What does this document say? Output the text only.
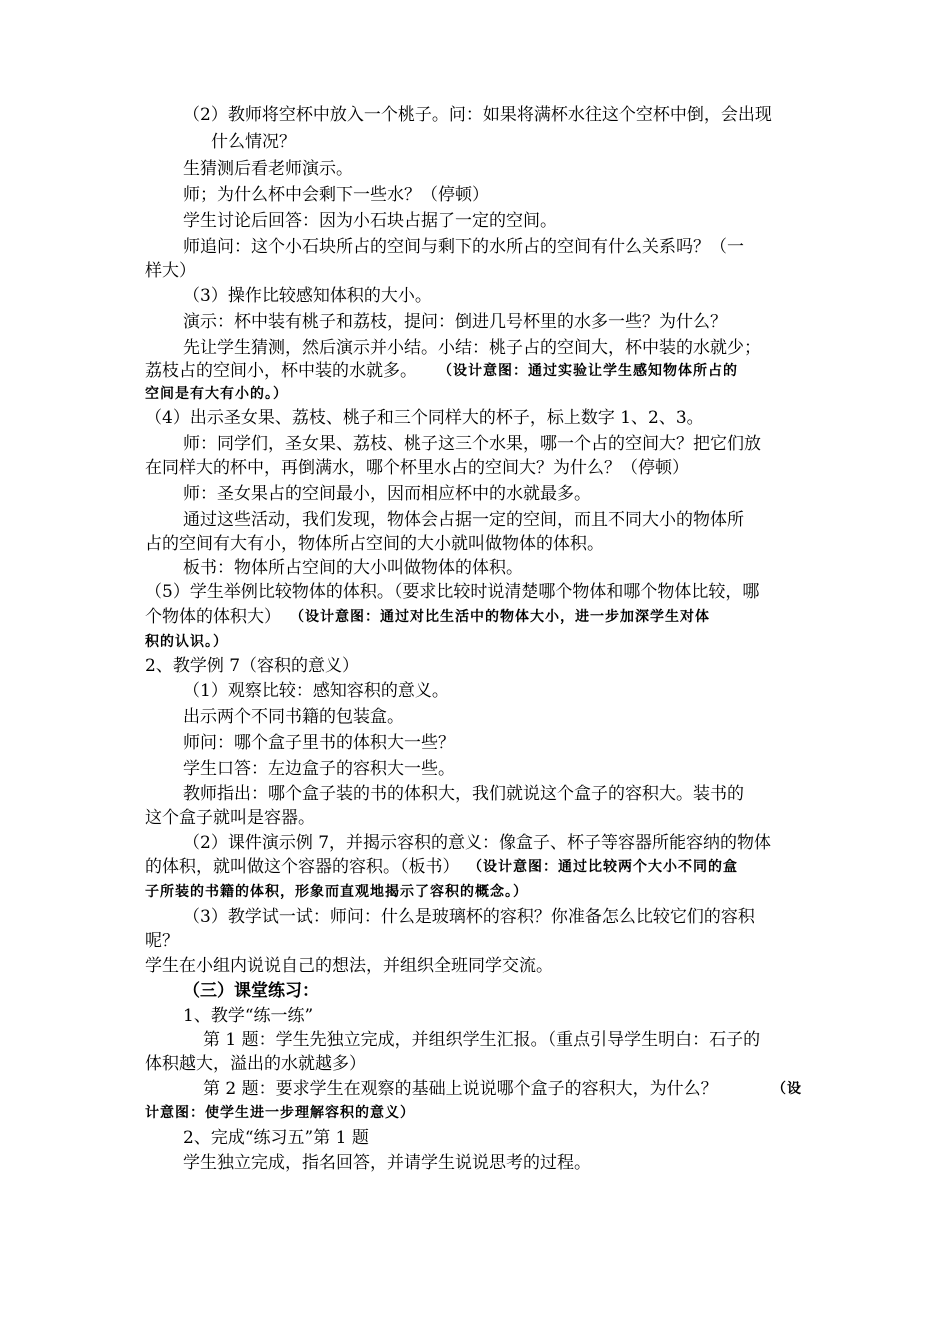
（2）教师将空杯中放入一个桃子。问：如果将满杯水往这个空杯中倒，会出现
什么情况？
生猜测后看老师演示。
师；为什么杯中会剩下一些水？（停顿）
学生讨论后回答：因为小石块占据了一定的空间。
师追问：这个小石块所占的空间与剩下的水所占的空间有什么关系吗？（一
样大）
（3）操作比较感知体积的大小。
演示：杯中装有桃子和荔枝，提问：倒进几号杯里的水多一些？为什么？
先让学生猜测，然后演示并小结。小结：桃子占的空间大，杯中装的水就少；
荔枝占的空间小，杯中装的水就多。 （设计意图：通过实验让学生感知物体所占的
空间是有大有小的。）
（4）出示圣女果、荔枝、桃子和三个同样大的杯子，标上数字 1、2、3。
师：同学们，圣女果、荔枝、桃子这三个水果，哪一个占的空间大？把它们放
在同样大的杯中，再倒满水，哪个杯里水占的空间大？为什么？（停顿）
师：圣女果占的空间最小，因而相应杯中的水就最多。
通过这些活动，我们发现，物体会占据一定的空间，而且不同大小的物体所
占的空间有大有小，物体所占空间的大小就叫做物体的体积。
板书：物体所占空间的大小叫做物体的体积。
（5）学生举例比较物体的体积。（要求比较时说清楚哪个物体和哪个物体比较，哪
个物体的体积大） （设计意图：通过对比生活中的物体大小，进一步加深学生对体
积的认识。）
2、教学例 7（容积的意义）
（1）观察比较：感知容积的意义。
出示两个不同书籍的包装盒。
师问：哪个盒子里书的体积大一些？
学生口答：左边盒子的容积大一些。
教师指出：哪个盒子装的书的体积大，我们就说这个盒子的容积大。装书的
这个盒子就叫是容器。
（2）课件演示例 7，并揭示容积的意义：像盒子、杯子等容器所能容纳的物体
的体积，就叫做这个容器的容积。（板书） （设计意图：通过比较两个大小不同的盒
子所装的书籍的体积，形象而直观地揭示了容积的概念。）
（3）教学试一试：师问：什么是玻璃杯的容积？你准备怎么比较它们的容积
呢？
学生在小组内说说自己的想法，并组织全班同学交流。
（三）课堂练习：
1、教学“练一练”
第 1 题：学生先独立完成，并组织学生汇报。（重点引导学生明白：石子的
体积越大，溢出的水就越多）
第 2 题：要求学生在观察的基础上说说哪个盒子的容积大，为什么？	（设
计意图：使学生进一步理解容积的意义）
2、完成“练习五”第 1 题
学生独立完成，指名回答，并请学生说说思考的过程。
